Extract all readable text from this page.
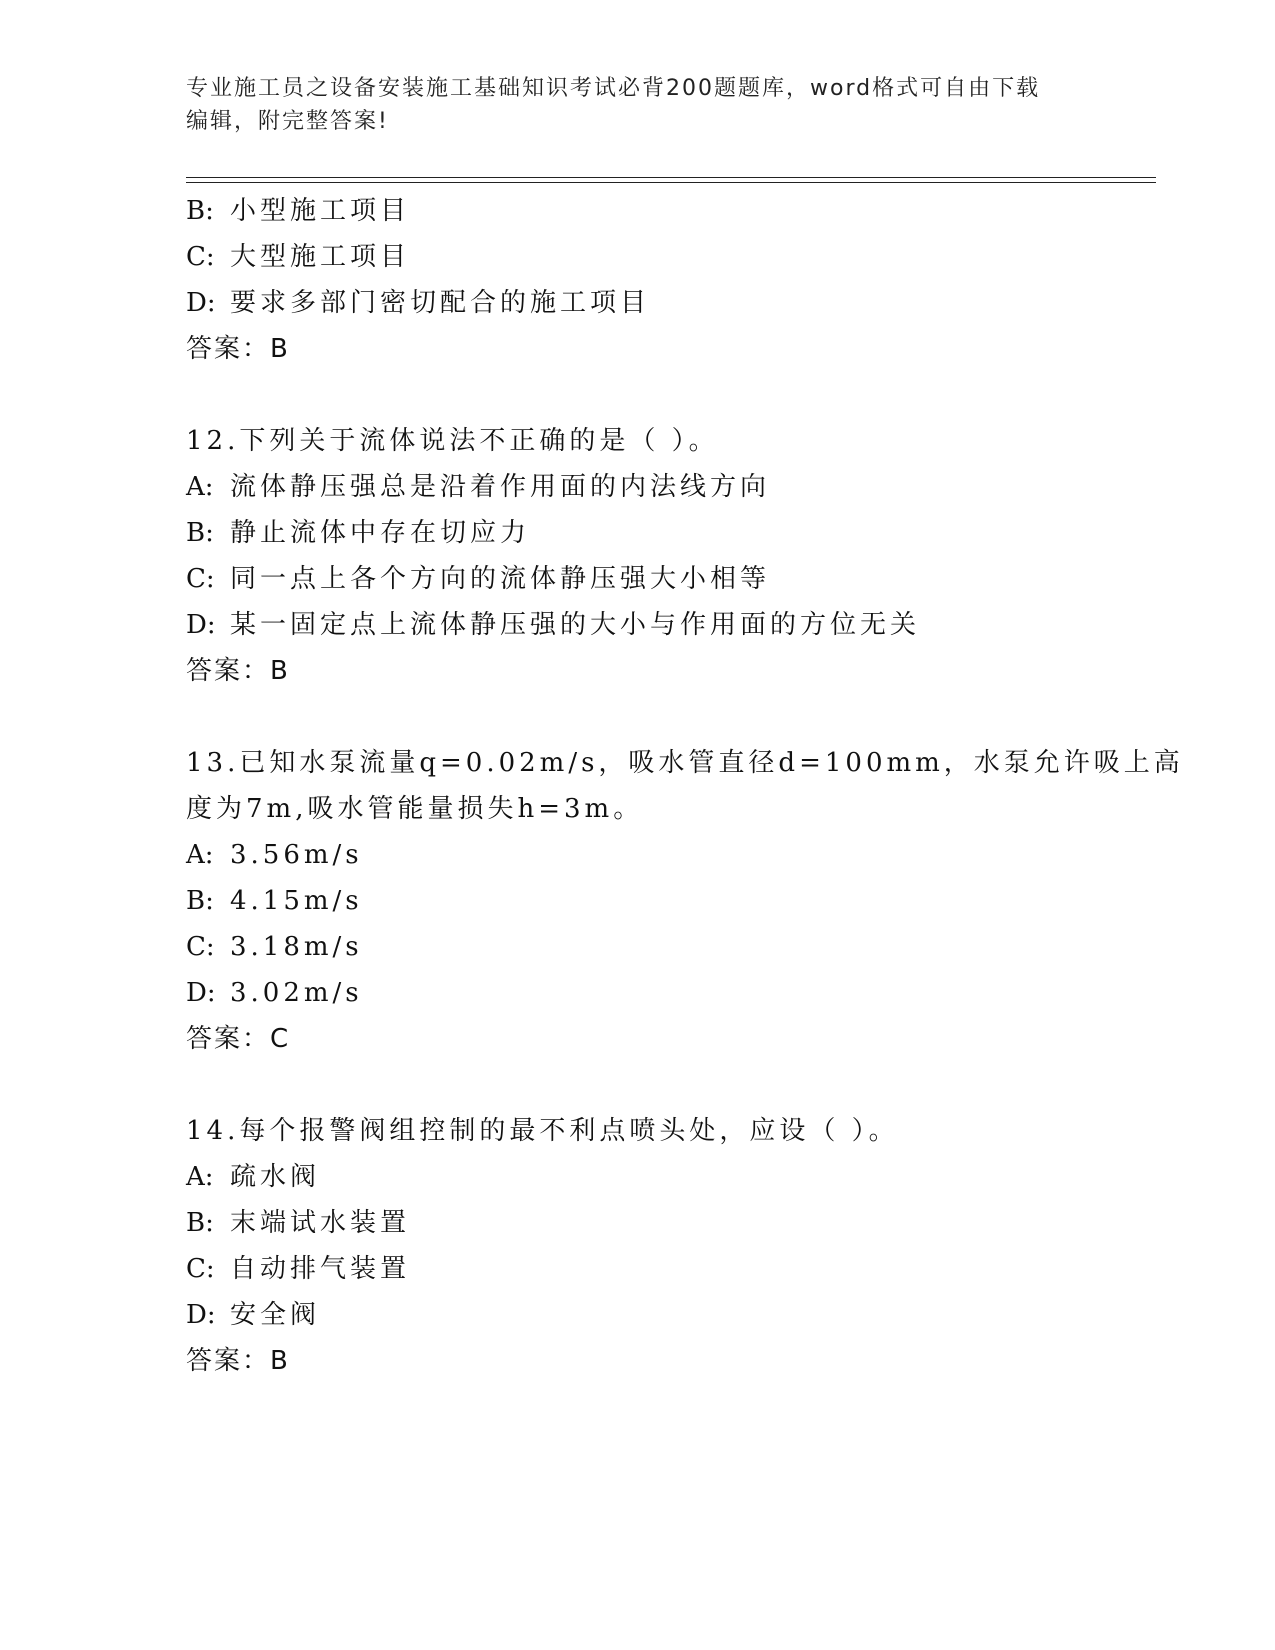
专业施工员之设备安装施工基础知识考试必背200题题库，word格式可自由下载
编辑，附完整答案!
B: 小型施工项目
C: 大型施工项目
D: 要求多部门密切配合的施工项目
答案：B
12.下列关于流体说法不正确的是（ ）。
A: 流体静压强总是沿着作用面的内法线方向
B: 静止流体中存在切应力
C: 同一点上各个方向的流体静压强大小相等
D: 某一固定点上流体静压强的大小与作用面的方位无关
答案：B
13.已知水泵流量q=0.02m/s，吸水管直径d=100mm，水泵允许吸上高
度为7m,吸水管能量损失h=3m。
A: 3.56m/s
B: 4.15m/s
C: 3.18m/s
D: 3.02m/s
答案：C
14.每个报警阀组控制的最不利点喷头处，应设（ ）。
A: 疏水阀
B: 末端试水装置
C: 自动排气装置
D: 安全阀
答案：B
